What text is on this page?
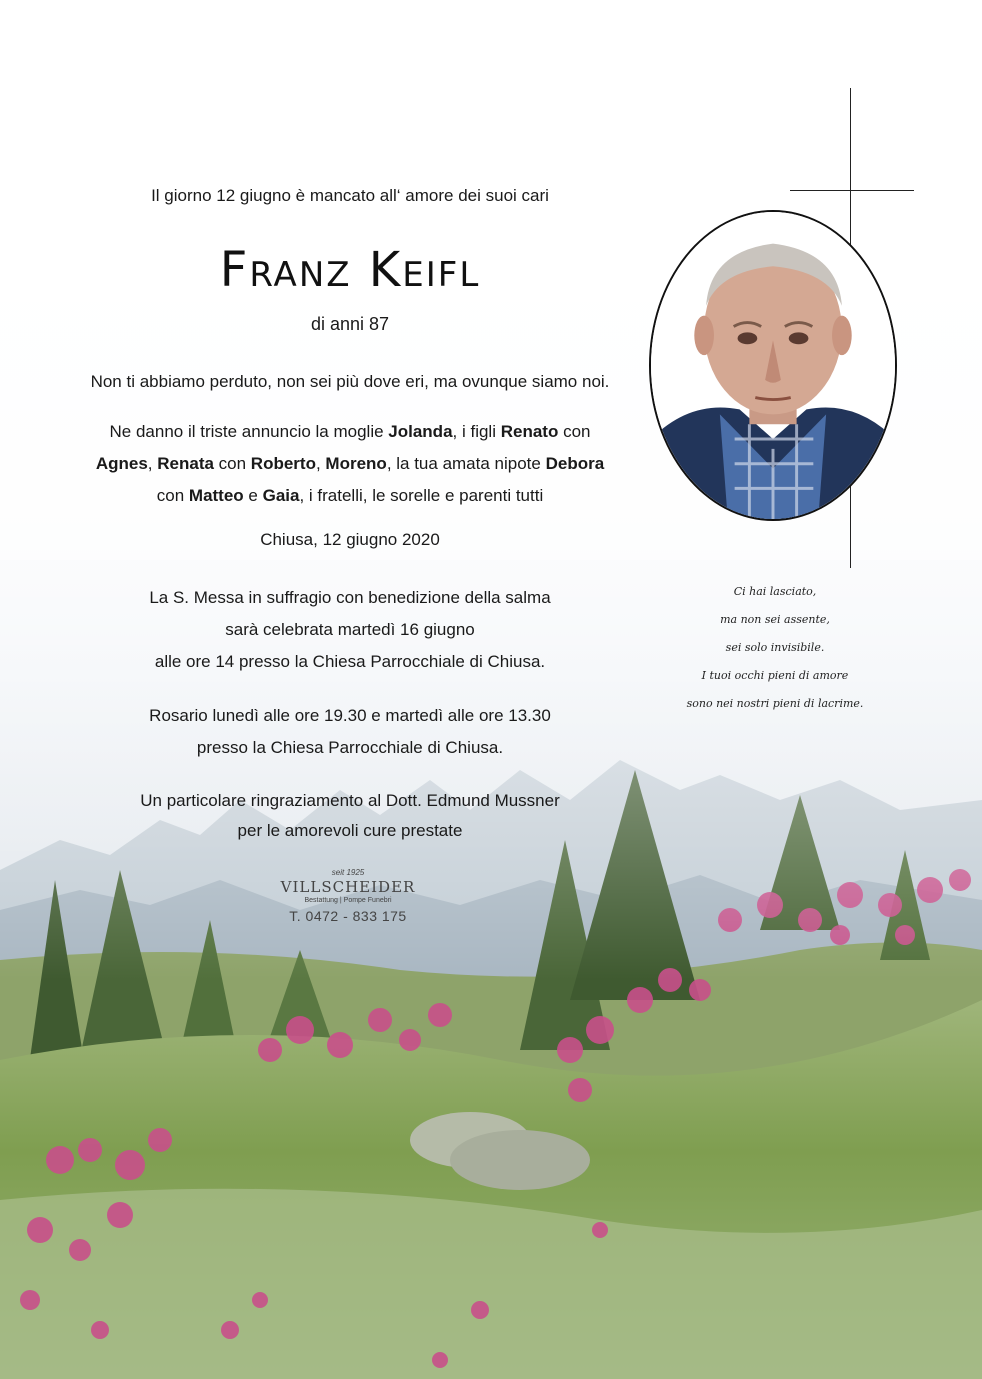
Il giorno 12 giugno è mancato all‘ amore dei suoi cari
Franz Keifl
di anni 87
Non ti abbiamo perduto, non sei più dove eri, ma ovunque siamo noi.
Ne danno il triste annuncio la moglie Jolanda, i figli Renato con
Agnes, Renata con Roberto, Moreno, la tua amata nipote Debora
con Matteo e Gaia, i fratelli, le sorelle e parenti tutti
Chiusa, 12 giugno 2020
La S. Messa in suffragio con benedizione della salma
sarà celebrata martedì 16 giugno
alle ore 14 presso la Chiesa Parrocchiale di Chiusa.
Rosario lunedì alle ore 19.30 e martedì alle ore 13.30
presso la Chiesa Parrocchiale di Chiusa.
Un particolare ringraziamento al Dott. Edmund Mussner
per le amorevoli cure prestate
seit 1925
VILLSCHEIDER
Bestattung | Pompe Funebri
T. 0472 - 833 175
Ci hai lasciato,
ma non sei assente,
sei solo invisibile.
I tuoi occhi pieni di amore
sono nei nostri pieni di lacrime.
